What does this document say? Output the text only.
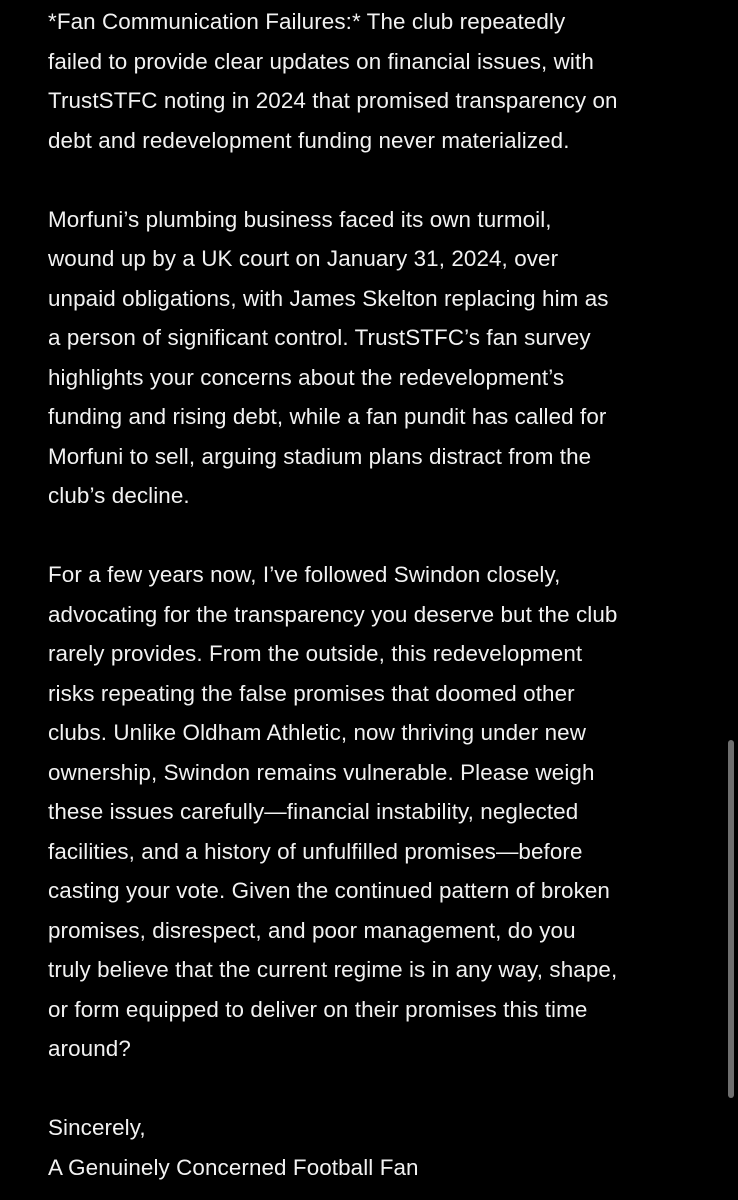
*Fan Communication Failures:* The club repeatedly
failed to provide clear updates on financial issues, with
TrustSTFC noting in 2024 that promised transparency on
debt and redevelopment funding never materialized.

Morfuni’s plumbing business faced its own turmoil,
wound up by a UK court on January 31, 2024, over
unpaid obligations, with James Skelton replacing him as
a person of significant control. TrustSTFC’s fan survey
highlights your concerns about the redevelopment’s
funding and rising debt, while a fan pundit has called for
Morfuni to sell, arguing stadium plans distract from the
club’s decline.

For a few years now, I’ve followed Swindon closely,
advocating for the transparency you deserve but the club
rarely provides. From the outside, this redevelopment
risks repeating the false promises that doomed other
clubs. Unlike Oldham Athletic, now thriving under new
ownership, Swindon remains vulnerable. Please weigh
these issues carefully—financial instability, neglected
facilities, and a history of unfulfilled promises—before
casting your vote. Given the continued pattern of broken
promises, disrespect, and poor management, do you
truly believe that the current regime is in any way, shape,
or form equipped to deliver on their promises this time
around?

Sincerely,
A Genuinely Concerned Football Fan
